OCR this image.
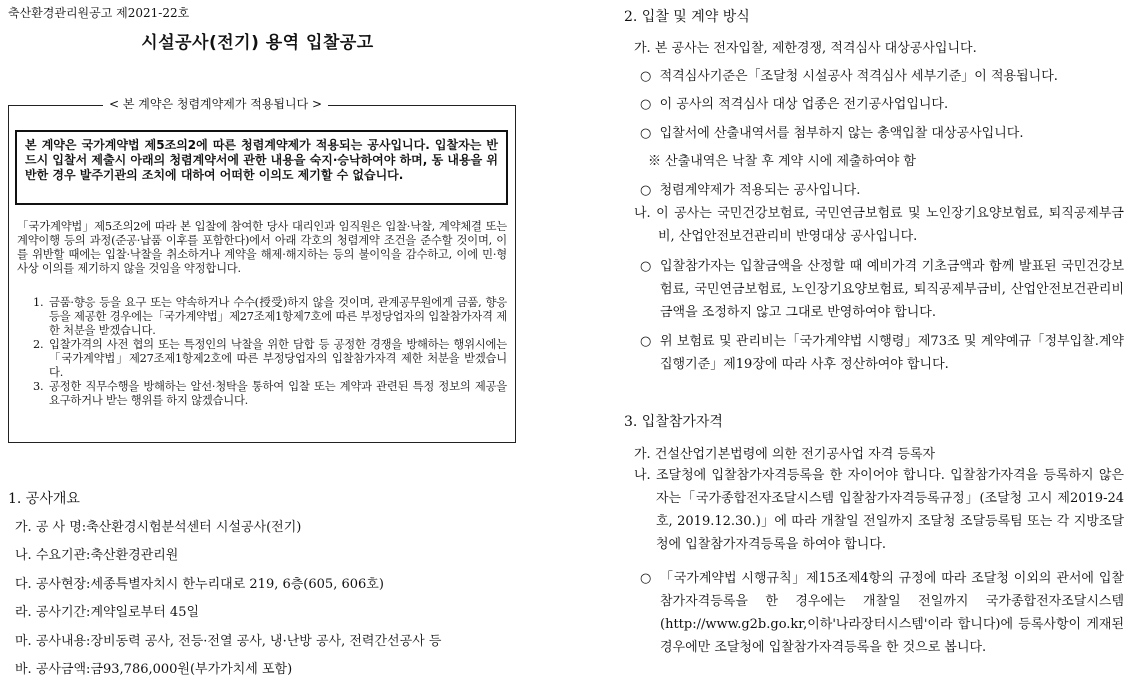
축산환경관리원공고 제2021-22호
시설공사(전기) 용역 입찰공고
< 본 계약은 청렴계약제가 적용됩니다 >
본 계약은 국가계약법 제5조의2에 따른 청렴계약제가 적용되는 공사입니다. 입찰자는 반드시 입찰서 제출시 아래의 청렴계약서에 관한 내용을 숙지·승낙하여야 하며, 동 내용을 위반한 경우 발주기관의 조치에 대하여 어떠한 이의도 제기할 수 없습니다.
「국가계약법」제5조의2에 따라 본 입찰에 참여한 당사 대리인과 임직원은 입찰·낙찰, 계약체결 또는 계약이행 등의 과정(준공·납품 이후를 포함한다)에서 아래 각호의 청렴계약 조건을 준수할 것이며, 이를 위반할 때에는 입찰·낙찰을 취소하거나 계약을 해제·해지하는 등의 불이익을 감수하고, 이에 민·형사상 이의를 제기하지 않을 것임을 약정합니다.
1. 금품·향응 등을 요구 또는 약속하거나 수수(授受)하지 않을 것이며, 관계공무원에게 금품, 향응 등을 제공한 경우에는「국가계약법」제27조제1항제7호에 따른 부정당업자의 입찰참가자격 제한 처분을 받겠습니다.
2. 입찰가격의 사전 협의 또는 특정인의 낙찰을 위한 담합 등 공정한 경쟁을 방해하는 행위시에는「국가계약법」제27조제1항제2호에 따른 부정당업자의 입찰참가자격 제한 처분을 받겠습니다.
3. 공정한 직무수행을 방해하는 알선·청탁을 통하여 입찰 또는 계약과 관련된 특정 정보의 제공을 요구하거나 받는 행위를 하지 않겠습니다.
1. 공사개요
가. 공 사 명:축산환경시험분석센터 시설공사(전기)
나. 수요기관:축산환경관리원
다. 공사현장:세종특별자치시 한누리대로 219, 6층(605, 606호)
라. 공사기간:계약일로부터 45일
마. 공사내용:장비동력 공사, 전등·전열 공사, 냉·난방 공사, 전력간선공사 등
바. 공사금액:금93,786,000원(부가가치세 포함)
2. 입찰 및 계약 방식
가. 본 공사는 전자입찰, 제한경쟁, 적격심사 대상공사입니다.
○ 적격심사기준은「조달청 시설공사 적격심사 세부기준」이 적용됩니다.
○ 이 공사의 적격심사 대상 업종은 전기공사업입니다.
○ 입찰서에 산출내역서를 첨부하지 않는 총액입찰 대상공사입니다.
※ 산출내역은 낙찰 후 계약 시에 제출하여야 함
○ 청렴계약제가 적용되는 공사입니다.
나. 이 공사는 국민건강보험료, 국민연금보험료 및 노인장기요양보험료, 퇴직공제부금비, 산업안전보건관리비 반영대상 공사입니다.
○ 입찰참가자는 입찰금액을 산정할 때 예비가격 기초금액과 함께 발표된 국민건강보험료, 국민연금보험료, 노인장기요양보험료, 퇴직공제부금비, 산업안전보건관리비 금액을 조정하지 않고 그대로 반영하여야 합니다.
○ 위 보험료 및 관리비는「국가계약법 시행령」제73조 및 계약예규「정부입찰.계약집행기준」제19장에 따라 사후 정산하여야 합니다.
3. 입찰참가자격
가. 건설산업기본법령에 의한 전기공사업 자격 등록자
나. 조달청에 입찰참가자격등록을 한 자이어야 합니다. 입찰참가자격을 등록하지 않은 자는「국가종합전자조달시스템 입찰참가자격등록규정」(조달청 고시 제2019-24호, 2019.12.30.)」에 따라 개찰일 전일까지 조달청 조달등록팀 또는 각 지방조달청에 입찰참가자격등록을 하여야 합니다.
○ 「국가계약법 시행규칙」제15조제4항의 규정에 따라 조달청 이외의 관서에 입찰참가자격등록을 한 경우에는 개찰일 전일까지 국가종합전자조달시스템(http://www.g2b.go.kr,이하'나라장터시스템'이라 합니다)에 등록사항이 게재된 경우에만 조달청에 입찰참가자격등록을 한 것으로 봅니다.
